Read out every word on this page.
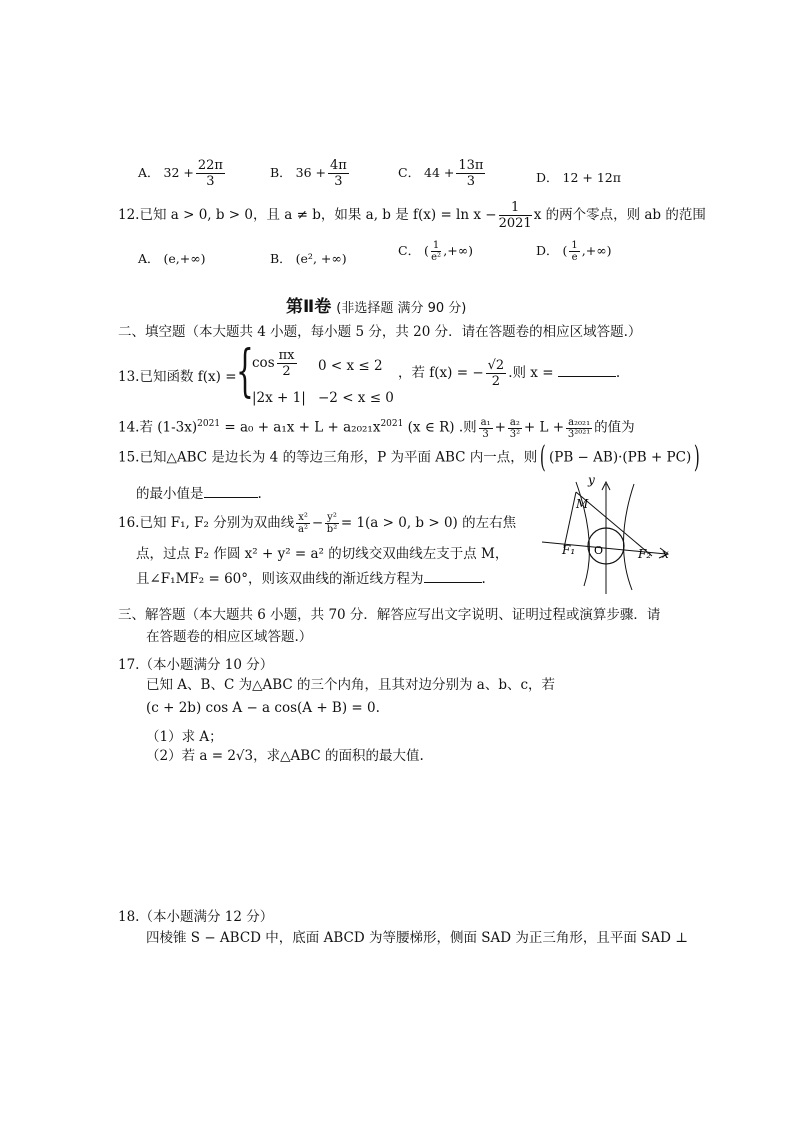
A． $32 + \frac{22\pi}{3}$	B． $36 + \frac{4\pi}{3}$	C． $44 + \frac{13\pi}{3}$	D． 12 + 12π
12.已知 a > 0, b > 0，且 a ≠ b，如果 a, b 是 $f(x) = \ln x - \frac{1}{2021}$ x 的两个零点，则 ab 的范围
A． (e,+∞)	B． (e², +∞)
C． ( $\frac{1}{\text{e²}}$ ,+∞)	D． ( $\frac{1}{e}$ ,+∞)
第Ⅱ卷 (非选择题 满分 90 分)
二、填空题（本大题共 4 小题，每小题 5 分，共 20 分．请在答题卷的相应区域答题.）
13.已知函数 f(x) = {
$\cos \frac{\pi x}{2} 0 < x \le 2$
|2x + 1| −2 < x ≤ 0
，若 f(x) = − $\frac{√2}{2}$ .则 x =	.
14.若 $(1-3x)^{2021} = a_0 + a_1x + L + a_{2021}x^{2021}$ (x ∈ R) .则 $\frac{\text{a₁}}{3} + \frac{\text{a₂}}{\text{3²}} + L + \frac{\text{a₂₀₂₁}}{\text{3²⁰²¹}}$ 的值为
15.已知△ABC 是边长为 4 的等边三角形，P 为平面 ABC 内一点，则( (PB − AB)·(PB + PC))
的最小值是	.
16.已知 F₁, F₂ 分别为双曲线 $\frac{\text{x²}}{\text{a²}} - \frac{\text{y²}}{\text{b²}} = 1(a > 0$, b > 0) 的左右焦
点，过点 F₂ 作圆 x² + y² = a² 的切线交双曲线左支于点 M，
且∠F₁MF₂ = 60°，则该双曲线的渐近线方程为	.
y
x
M
F₁ O	F₂
三、解答题（本大题共 6 小题，共 70 分．解答应写出文字说明、证明过程或演算步骤．请
在答题卷的相应区域答题.）
17.（本小题满分 10 分）
已知 A、B、C 为△ABC 的三个内角，且其对边分别为 a、b、c，若
(c + 2b) cos A − a cos(A + B) = 0.
（1）求 A；
（2）若 a = 2√3，求△ABC 的面积的最大值.
18.（本小题满分 12 分）
四棱锥 S − ABCD 中，底面 ABCD 为等腰梯形，侧面 SAD 为正三角形，且平面 SAD ⊥
